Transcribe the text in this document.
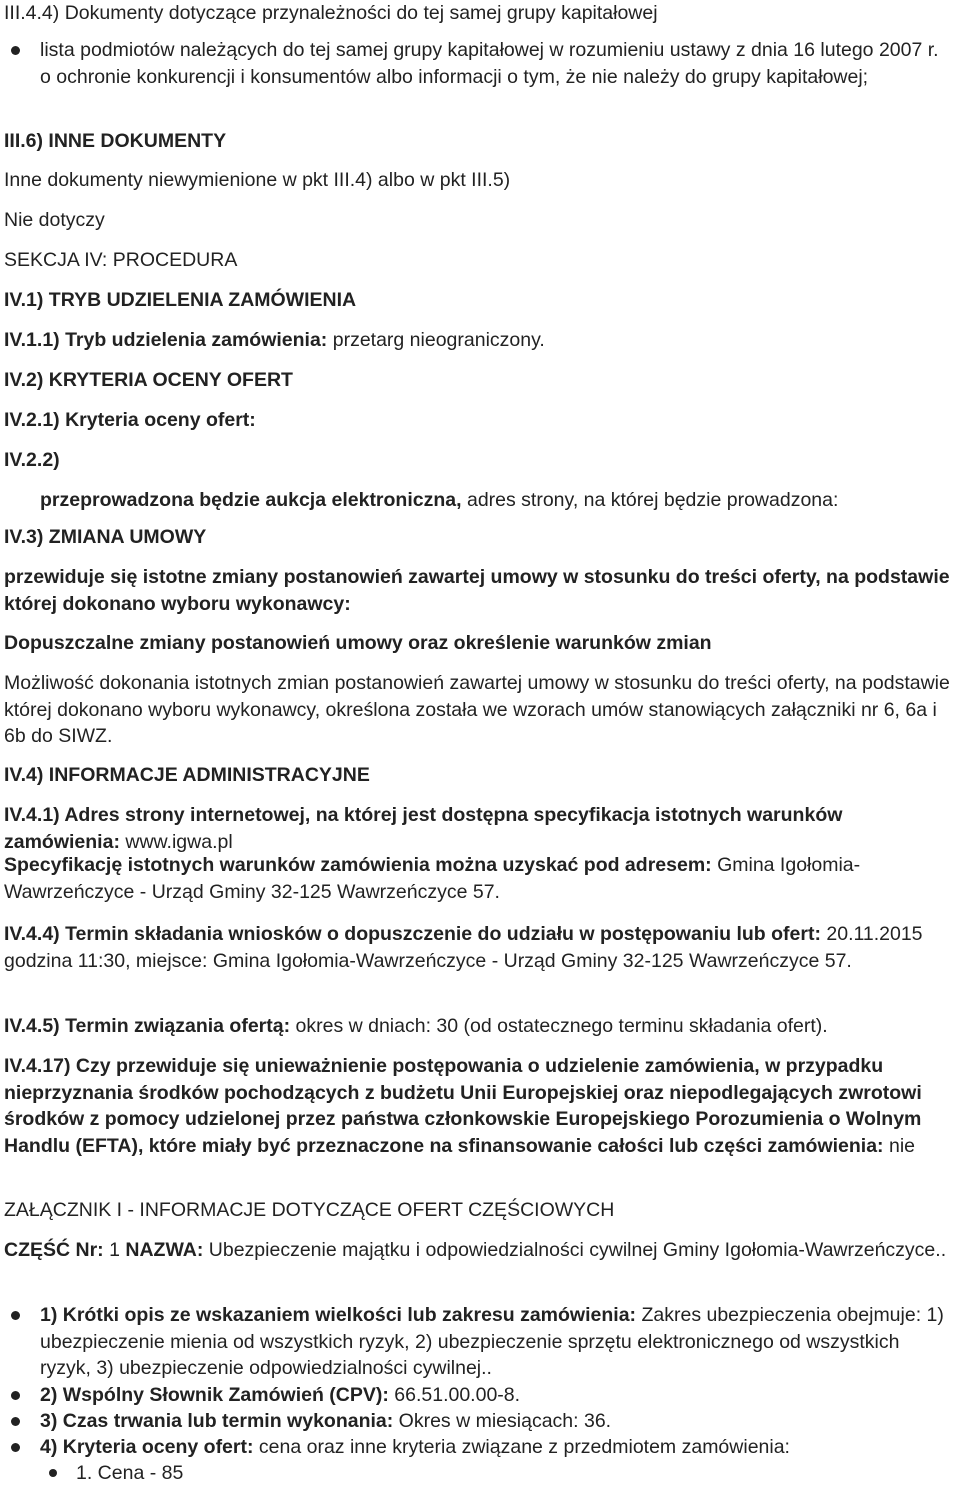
III.4.4) Dokumenty dotyczące przynależności do tej samej grupy kapitałowej
lista podmiotów należących do tej samej grupy kapitałowej w rozumieniu ustawy z dnia 16 lutego 2007 r. o ochronie konkurencji i konsumentów albo informacji o tym, że nie należy do grupy kapitałowej;
III.6) INNE DOKUMENTY
Inne dokumenty niewymienione w pkt III.4) albo w pkt III.5)
Nie dotyczy
SEKCJA IV: PROCEDURA
IV.1) TRYB UDZIELENIA ZAMÓWIENIA
IV.1.1) Tryb udzielenia zamówienia: przetarg nieograniczony.
IV.2) KRYTERIA OCENY OFERT
IV.2.1) Kryteria oceny ofert:
IV.2.2)
przeprowadzona będzie aukcja elektroniczna, adres strony, na której będzie prowadzona:
IV.3) ZMIANA UMOWY
przewiduje się istotne zmiany postanowień zawartej umowy w stosunku do treści oferty, na podstawie której dokonano wyboru wykonawcy:
Dopuszczalne zmiany postanowień umowy oraz określenie warunków zmian
Możliwość dokonania istotnych zmian postanowień zawartej umowy w stosunku do treści oferty, na podstawie której dokonano wyboru wykonawcy, określona została we wzorach umów stanowiących załączniki nr 6, 6a i 6b do SIWZ.
IV.4) INFORMACJE ADMINISTRACYJNE
IV.4.1) Adres strony internetowej, na której jest dostępna specyfikacja istotnych warunków zamówienia: www.igwa.pl
Specyfikację istotnych warunków zamówienia można uzyskać pod adresem: Gmina Igołomia-Wawrzeńczyce - Urząd Gminy 32-125 Wawrzeńczyce 57.
IV.4.4) Termin składania wniosków o dopuszczenie do udziału w postępowaniu lub ofert: 20.11.2015 godzina 11:30, miejsce: Gmina Igołomia-Wawrzeńczyce - Urząd Gminy 32-125 Wawrzeńczyce 57.
IV.4.5) Termin związania ofertą: okres w dniach: 30 (od ostatecznego terminu składania ofert).
IV.4.17) Czy przewiduje się unieważnienie postępowania o udzielenie zamówienia, w przypadku nieprzyznania środków pochodzących z budżetu Unii Europejskiej oraz niepodlegających zwrotowi środków z pomocy udzielonej przez państwa członkowskie Europejskiego Porozumienia o Wolnym Handlu (EFTA), które miały być przeznaczone na sfinansowanie całości lub części zamówienia: nie
ZAŁĄCZNIK I - INFORMACJE DOTYCZĄCE OFERT CZĘŚCIOWYCH
CZĘŚĆ Nr: 1 NAZWA: Ubezpieczenie majątku i odpowiedzialności cywilnej Gminy Igołomia-Wawrzeńczyce..
1) Krótki opis ze wskazaniem wielkości lub zakresu zamówienia: Zakres ubezpieczenia obejmuje: 1) ubezpieczenie mienia od wszystkich ryzyk, 2) ubezpieczenie sprzętu elektronicznego od wszystkich ryzyk, 3) ubezpieczenie odpowiedzialności cywilnej..
2) Wspólny Słownik Zamówień (CPV): 66.51.00.00-8.
3) Czas trwania lub termin wykonania: Okres w miesiącach: 36.
4) Kryteria oceny ofert: cena oraz inne kryteria związane z przedmiotem zamówienia:
1. Cena - 85
